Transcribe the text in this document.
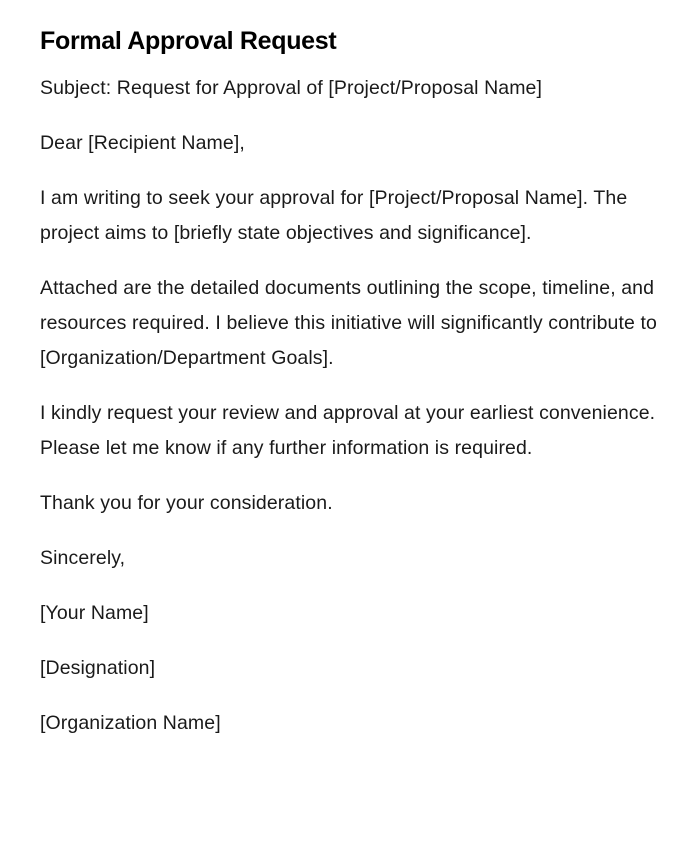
Formal Approval Request

Subject: Request for Approval of [Project/Proposal Name]

Dear [Recipient Name],

I am writing to seek your approval for [Project/Proposal Name]. The project aims to [briefly state objectives and significance].

Attached are the detailed documents outlining the scope, timeline, and resources required. I believe this initiative will significantly contribute to [Organization/Department Goals].

I kindly request your review and approval at your earliest convenience. Please let me know if any further information is required.

Thank you for your consideration.

Sincerely,

[Your Name]

[Designation]

[Organization Name]
